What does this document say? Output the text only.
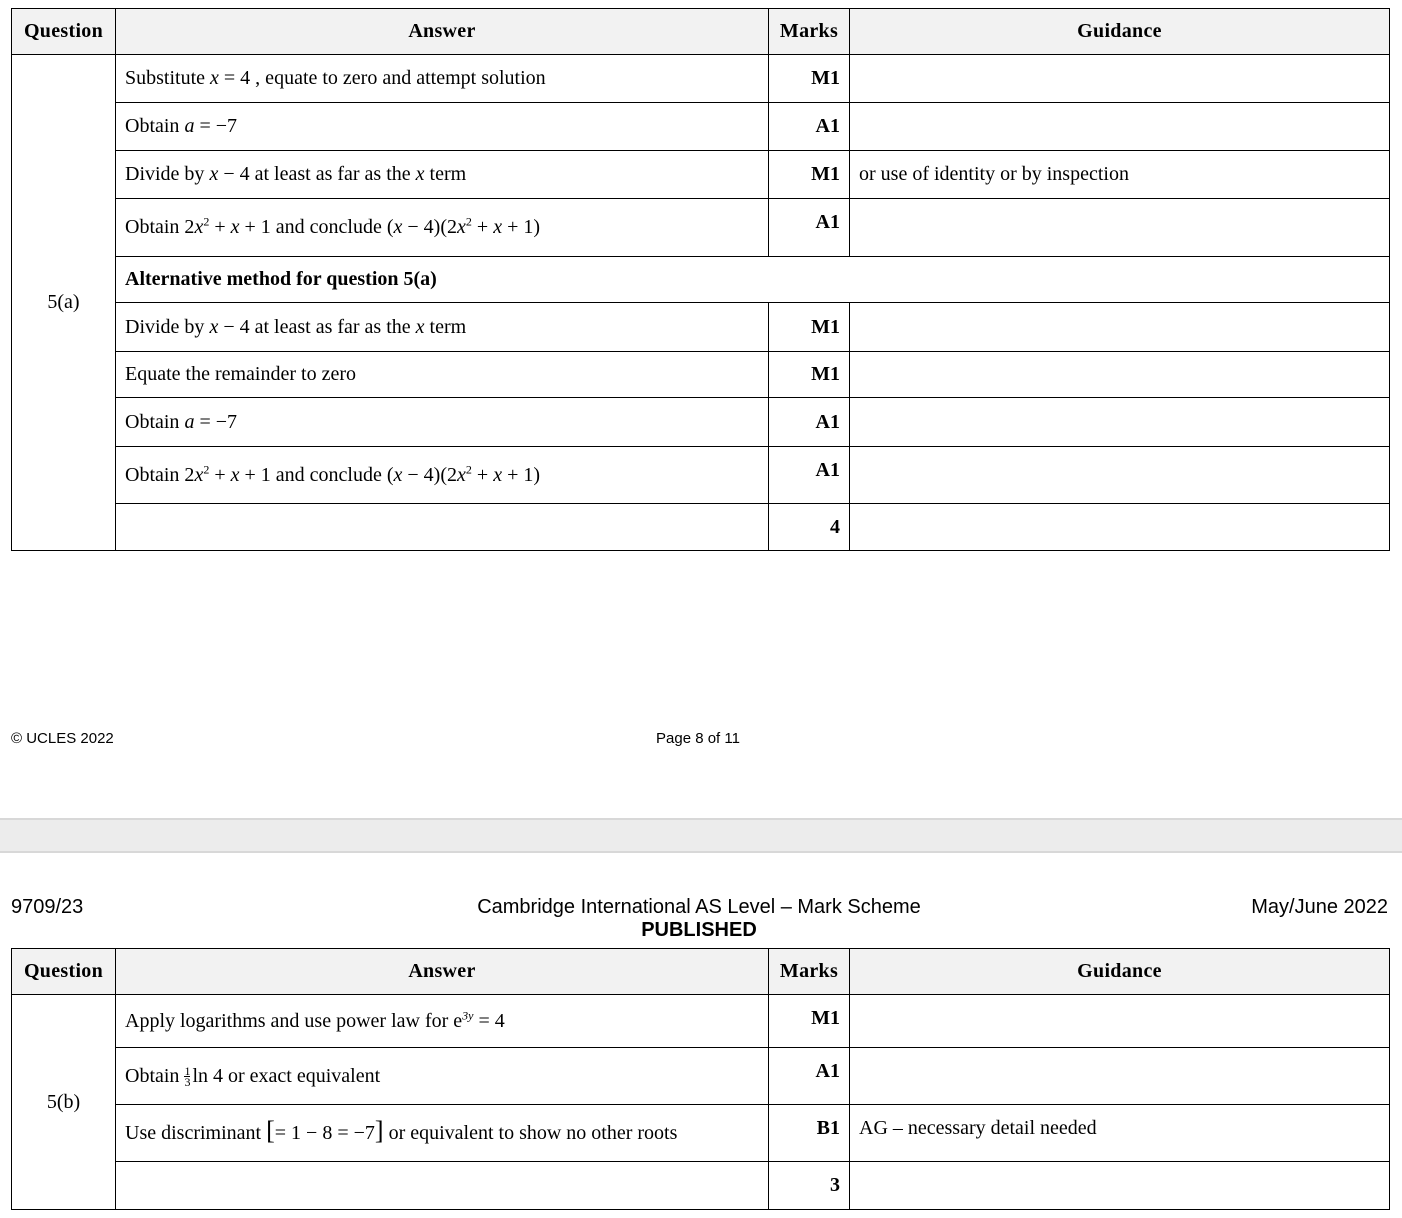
Question	Answer	Marks	Guidance
5(a)	Substitute x = 4 , equate to zero and attempt solution	M1	
	Obtain a = −7	A1	
	Divide by x − 4 at least as far as the x term	M1	or use of identity or by inspection
	Obtain $2x^2 + x + 1$ and conclude $(x - 4)(2x^2 + x + 1)$	A1	
	Alternative method for question 5(a)		
	Divide by x − 4 at least as far as the x term	M1	
	Equate the remainder to zero	M1	
	Obtain a = −7	A1	
	Obtain $2x^2 + x + 1$ and conclude $(x - 4)(2x^2 + x + 1)$	A1	
		4	
© UCLES 2022	Page 8 of 11
9709/23	Cambridge International AS Level – Mark Scheme
PUBLISHED
May/June 2022
Question	Answer	Marks	Guidance
5(b)	Apply logarithms and use power law for $e^{3y} = 4$	M1	
	Obtain $\frac{1}{3}$ ln 4 or exact equivalent	A1	
	Use discriminant [= 1 − 8 = −7] or equivalent to show no other roots	B1	AG – necessary detail needed
		3	
